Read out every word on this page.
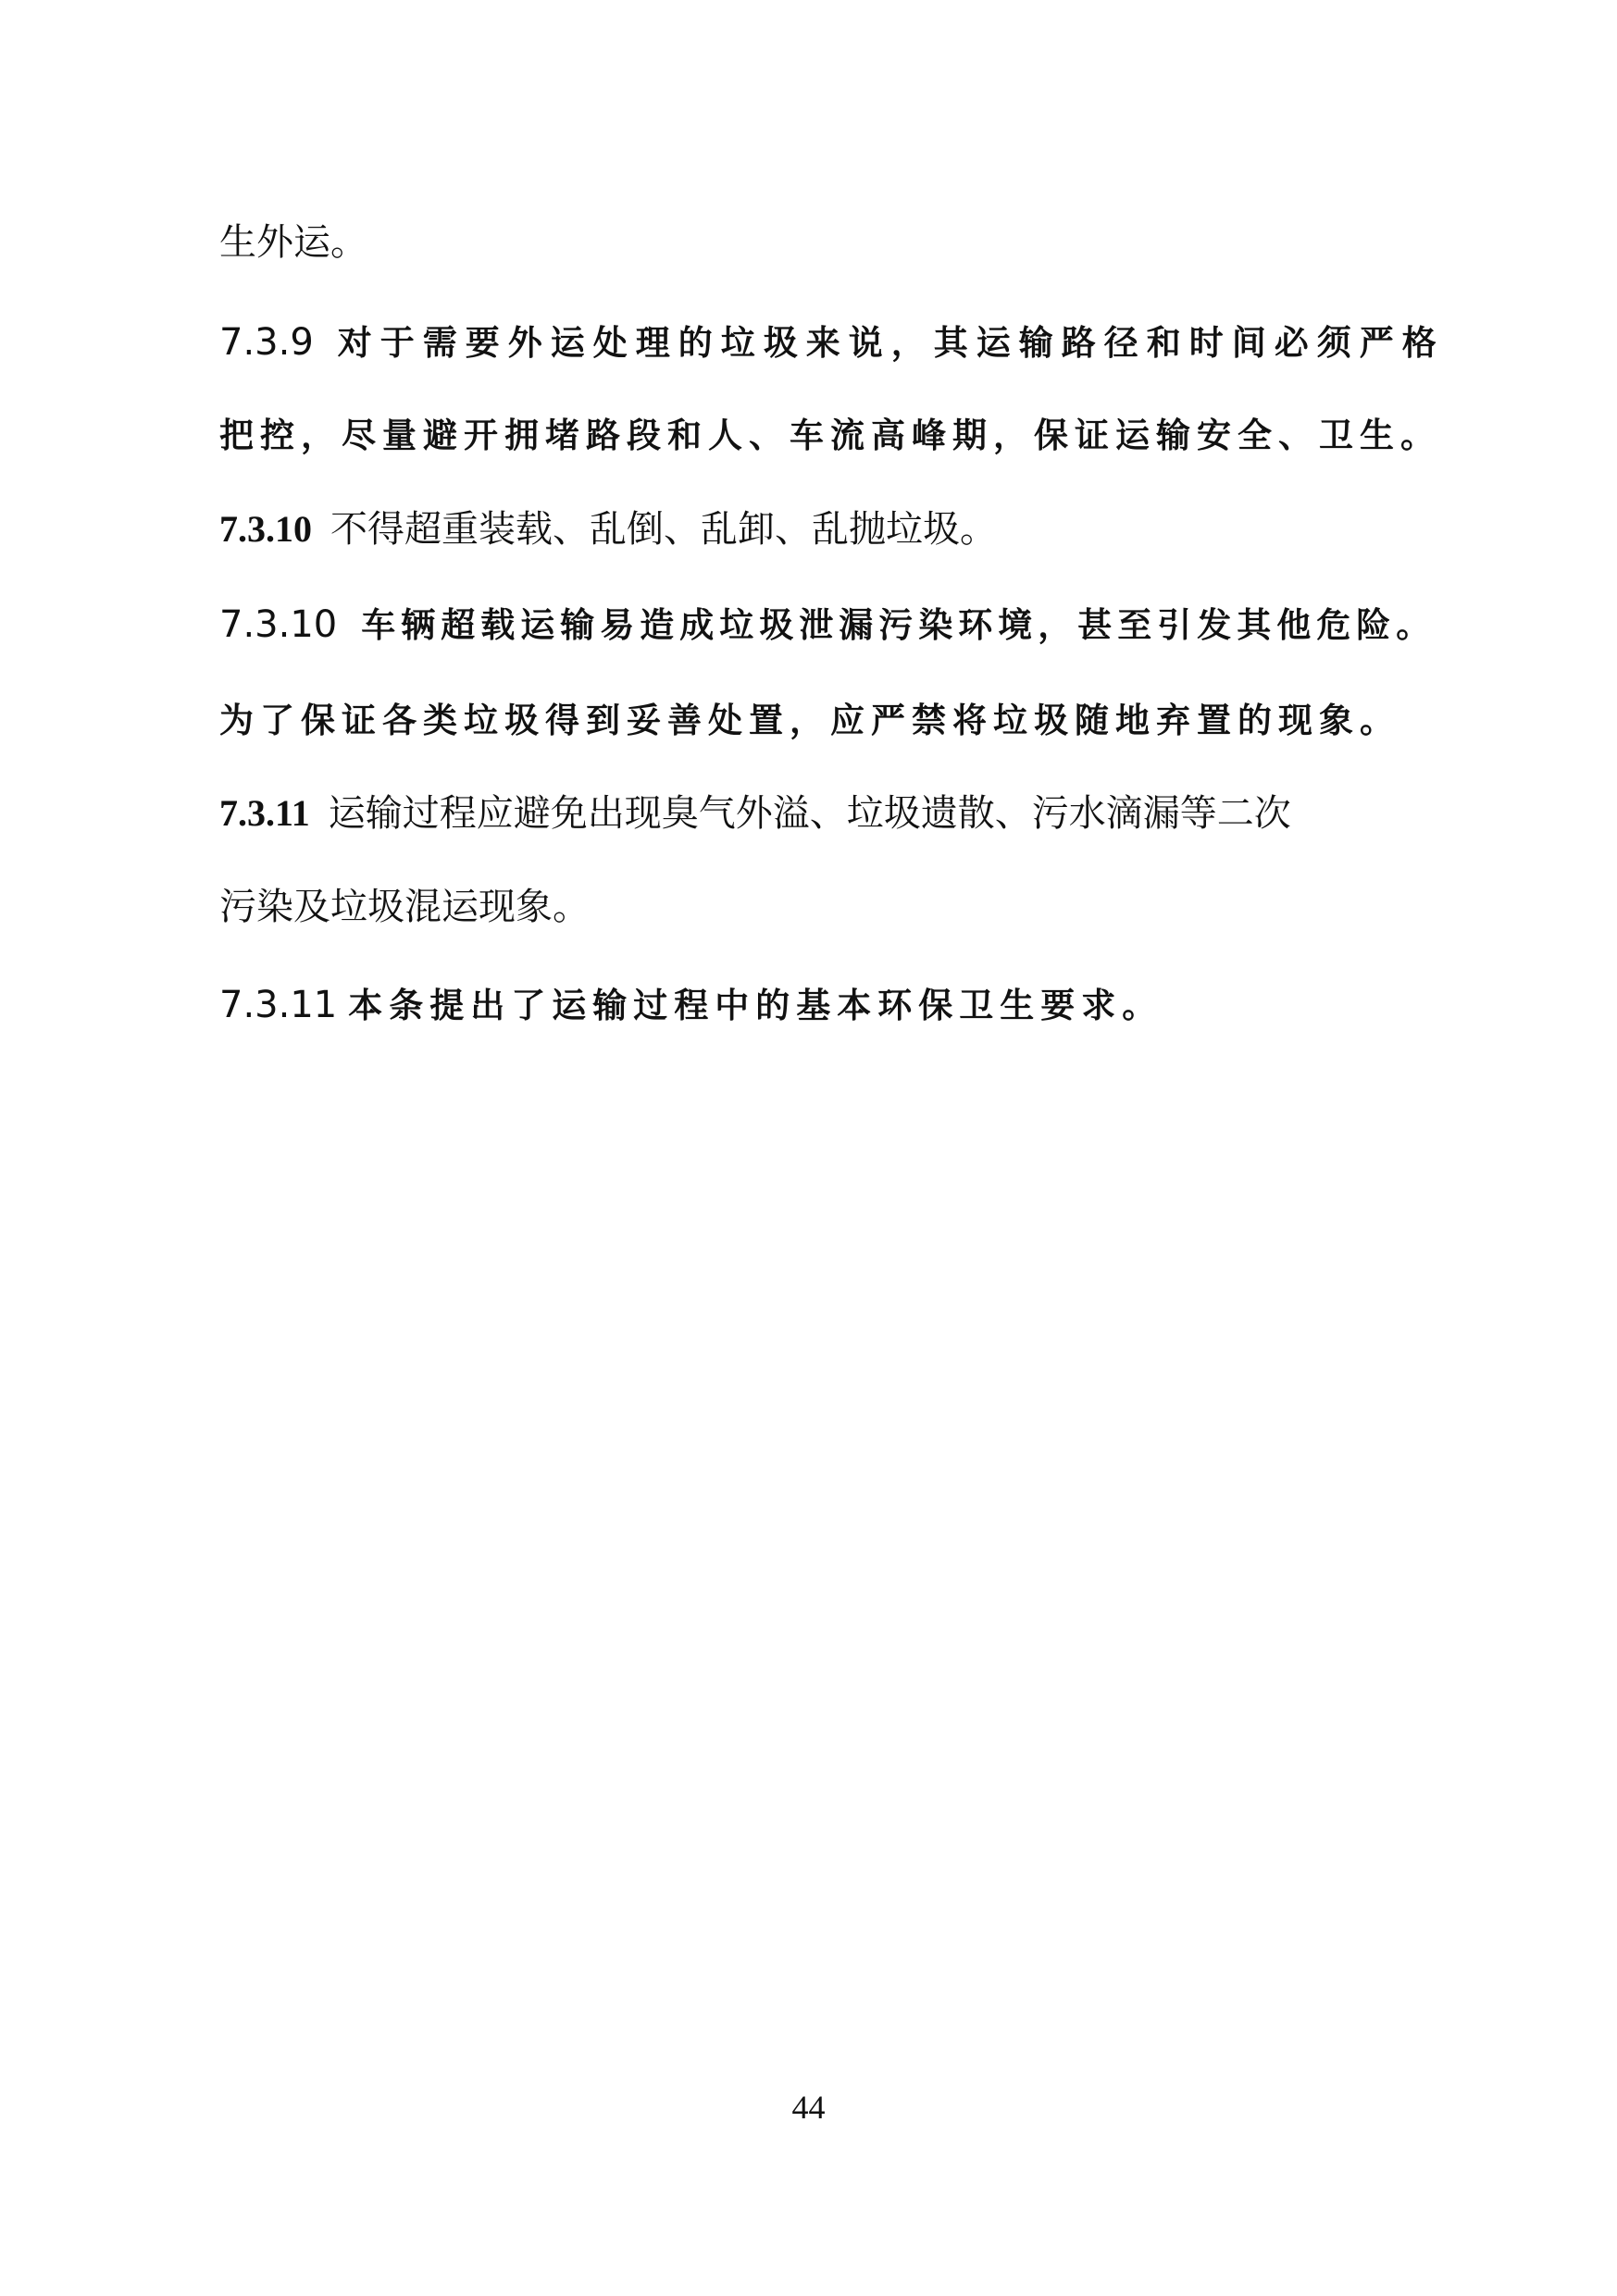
生外运。
7.3.9 对于需要外运处理的垃圾来说，其运输路径和时间必须严格
把控，尽量避开拥堵路段和人、车流高峰期，保证运输安全、卫生。
7.3.10 不得超重装载、乱倒、乱卸、乱抛垃圾。
7.3.10 车辆超载运输易造成垃圾泄漏污染环境，甚至引发其他危险。
为了保证各类垃圾得到妥善处置，应严禁将垃圾随地弃置的现象。
7.3.11 运输过程应避免出现臭气外溢、垃圾遗散、污水滴漏等二次
污染及垃圾混运现象。
7.3.11 本条提出了运输过程中的基本环保卫生要求。
44
